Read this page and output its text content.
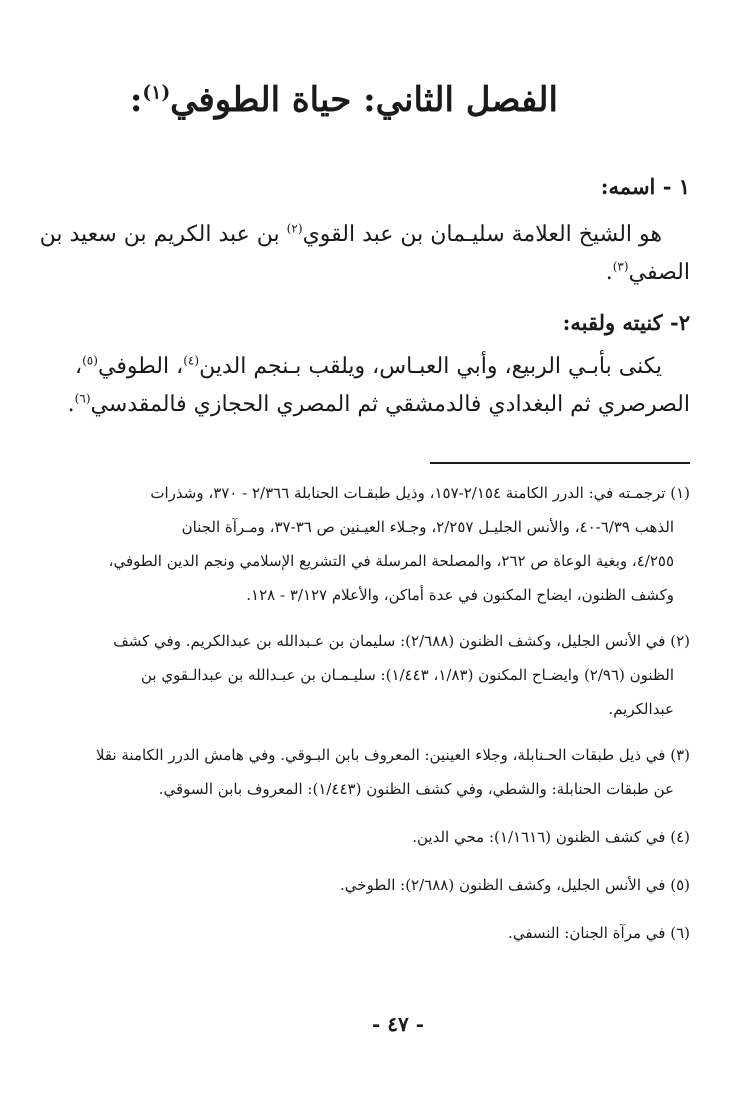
الفصل الثاني: حياة الطوفي$^{(١)}$:
١ - اسمه:
هو الشيخ العلامة سليـمان بن عبد القوي$^{(٢)}$ بن عبد الكريم بن سعيد بن
الصفي$^{(٣)}$.
٢- كنيته ولقبه:
يكنى بأبـي الربيع، وأبي العبـاس، ويلقب بـنجم الدين$^{(٤)}$، الطوفي$^{(٥)}$،
الصرصري ثم البغدادي فالدمشقي ثم المصري الحجازي فالمقدسي$^{(٦)}$.
(١) ترجمـته في: الدرر الكامنة ٢/١٥٤-١٥٧، وذيل طبقـات الحنابلة ٢/٣٦٦ - ٣٧٠، وشذرات
الذهب ٦/٣٩-٤٠، والأنس الجليـل ٢/٢٥٧، وجـلاء العيـنين ص ٣٦-٣٧، ومـرآة الجنان
٤/٢٥٥، وبغية الوعاة ص ٢٦٢، والمصلحة المرسلة في التشريع الإسلامي ونجم الدين الطوفي،
وكشف الظنون، ايضاح المكنون في عدة أماكن، والأعلام ٣/١٢٧ - ١٢٨.
(٢) في الأنس الجليل، وكشف الظنون (٢/٦٨٨): سليمان بن عـبدالله بن عبدالكريم. وفي كشف
الظنون (٢/٩٦) وايضـاح المكنون (١/٨٣، ١/٤٤٣): سليـمـان بن عبـدالله بن عبدالـقوي بن
عبدالكريم.
(٣) في ذيل طبقات الحـنابلة، وجلاء العينين: المعروف بابن البـوقي. وفي هامش الدرر الكامنة نقلا
عن طبقات الحنابلة: والشطي، وفي كشف الظنون (١/٤٤٣): المعروف بابن السوقي.
(٤) في كشف الظنون (١/١٦١٦): محي الدين.
(٥) في الأنس الجليل، وكشف الظنون (٢/٦٨٨): الطوخي.
(٦) في مرآة الجنان: النسفي.
- ٤٧ -
